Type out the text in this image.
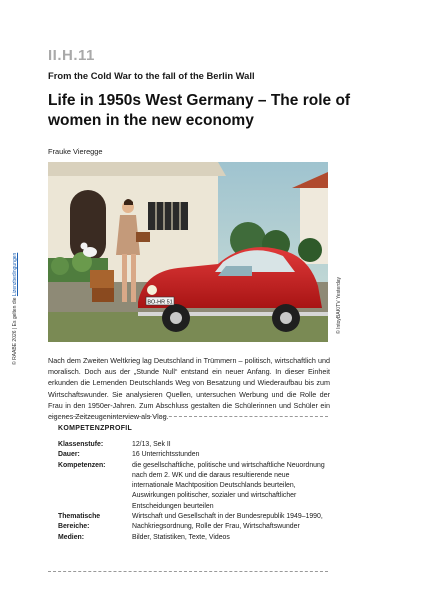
II.H.11

From the Cold War to the fall of the Berlin Wall

Life in 1950s West Germany – The role of women in the new economy
Frauke Vieregge
BO-HR 51
© RAABE 2026 | Es gelten die Lizenzbedingungen
© IntoyBAK/TV Yesterday

Nach dem Zweiten Weltkrieg lag Deutschland in Trümmern – politisch, wirtschaftlich und moralisch. Doch aus der „Stunde Null“ entstand ein neuer Anfang. In dieser Einheit erkunden die Lernenden Deutschlands Weg von Besatzung und Wiederaufbau bis zum Wirtschaftswunder. Sie analysieren Quellen, untersuchen Werbung und die Rolle der Frau in den 1950er-Jahren. Zum Abschluss gestalten die Schülerinnen und Schüler ein eigenes Zeitzeugeninterview als Vlog.

KOMPETENZPROFIL
Klassenstufe:	12/13, Sek II
Dauer:	16 Unterrichtsstunden
Kompetenzen:	die gesellschaftliche, politische und wirtschaftliche Neuordnung nach dem 2. WK und die daraus resultierende neue internationale Machtposition Deutschlands beurteilen, Auswirkungen politischer, sozialer und wirtschaftlicher Entscheidungen beurteilen
Thematische Bereiche:
Wirtschaft und Gesellschaft in der Bundesrepublik 1949–1990, Nachkriegsordnung, Rolle der Frau, Wirtschaftswunder
Medien:	Bilder, Statistiken, Texte, Videos
